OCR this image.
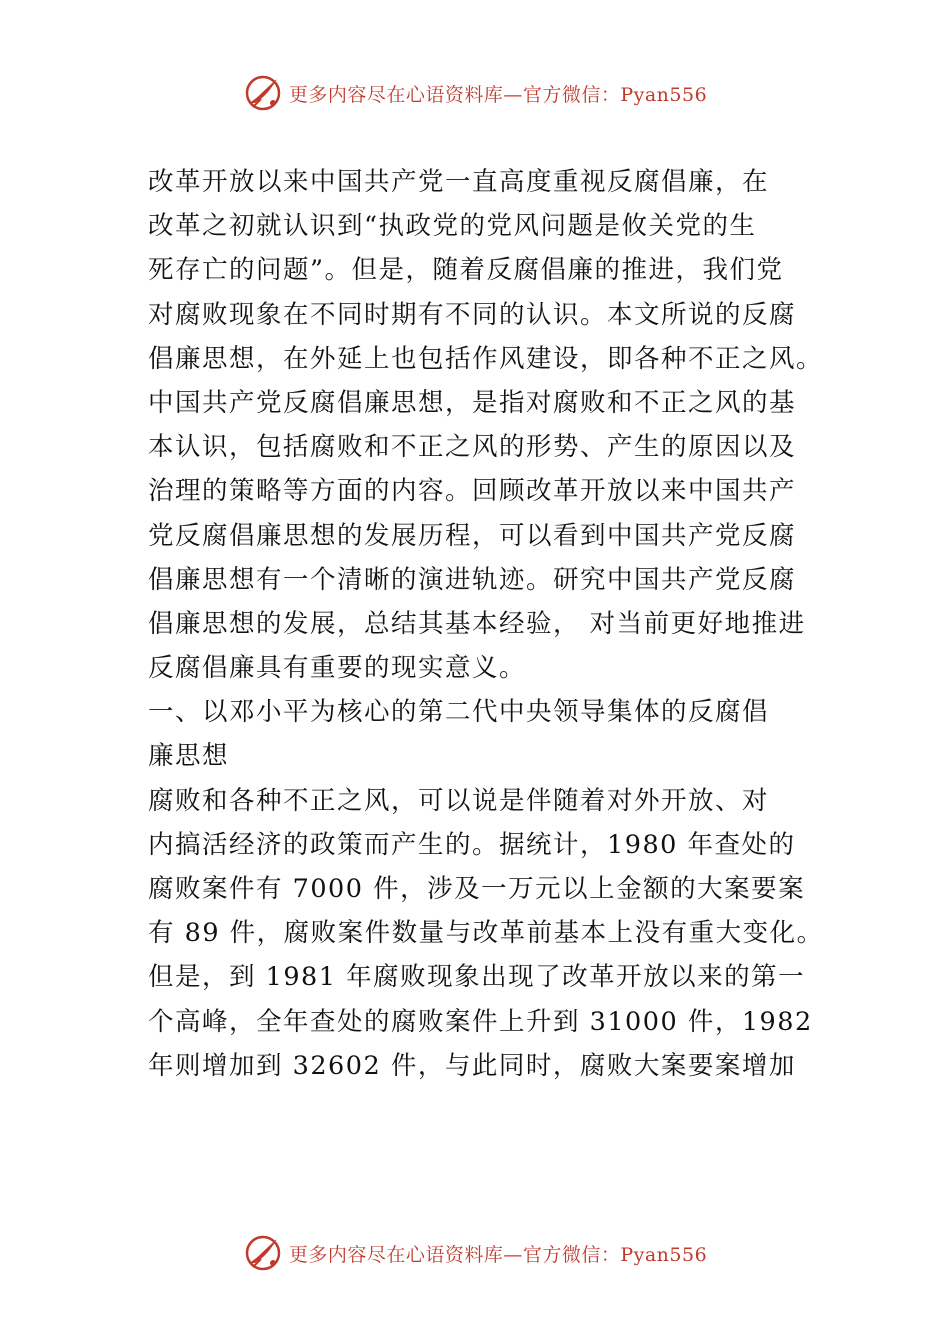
更多内容尽在心语资料库—官方微信：Pyan556
改革开放以来中国共产党一直高度重视反腐倡廉，在
改革之初就认识到“执政党的党风问题是攸关党的生
死存亡的问题”。但是，随着反腐倡廉的推进，我们党
对腐败现象在不同时期有不同的认识。本文所说的反腐
倡廉思想，在外延上也包括作风建设，即各种不正之风。
中国共产党反腐倡廉思想，是指对腐败和不正之风的基
本认识，包括腐败和不正之风的形势、产生的原因以及
治理的策略等方面的内容。回顾改革开放以来中国共产
党反腐倡廉思想的发展历程，可以看到中国共产党反腐
倡廉思想有一个清晰的演进轨迹。研究中国共产党反腐
倡廉思想的发展，总结其基本经验， 对当前更好地推进
反腐倡廉具有重要的现实意义。
一、以邓小平为核心的第二代中央领导集体的反腐倡
廉思想
腐败和各种不正之风，可以说是伴随着对外开放、对
内搞活经济的政策而产生的。据统计，1980 年查处的
腐败案件有 7000 件，涉及一万元以上金额的大案要案
有 89 件，腐败案件数量与改革前基本上没有重大变化。
但是，到 1981 年腐败现象出现了改革开放以来的第一
个高峰，全年查处的腐败案件上升到 31000 件，1982
年则增加到 32602 件，与此同时，腐败大案要案增加
更多内容尽在心语资料库—官方微信：Pyan556
